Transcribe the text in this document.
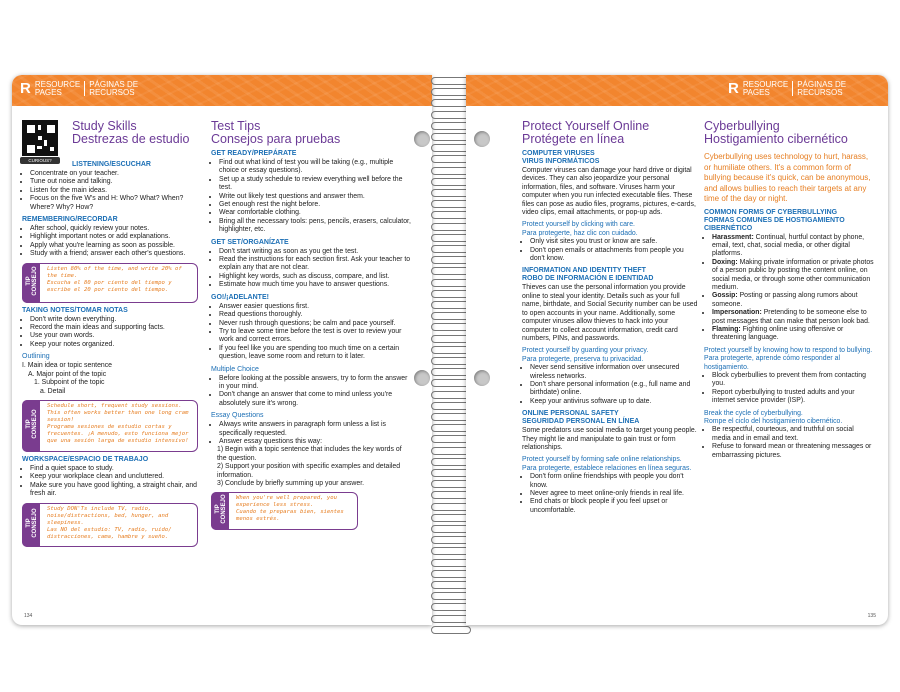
R RESOURCE
PAGES
PÁGINAS DE
RECURSOS
CURIOUS?
Study Skills
Destrezas de estudio
LISTENING/ESCUCHAR
• Concentrate on your teacher.
• Tune out noise and talking.
• Listen for the main ideas.
• Focus on the five W's and H: Who? What? When? Where? Why? How?
REMEMBERING/RECORDAR
• After school, quickly review your notes.
• Highlight important notes or add explanations.
• Apply what you're learning as soon as possible.
• Study with a friend; answer each other's questions.
TIP
CONSEJO Listen 80% of the time, and write 20% of the time.
Escucha el 80 por ciento del tiempo y escribe el 20 por ciento del tiempo.
TAKING NOTES/TOMAR NOTAS
• Don't write down everything.
• Record the main ideas and supporting facts.
• Use your own words.
• Keep your notes organized.
Outlining
I. Main idea or topic sentence
A. Major point of the topic
1. Subpoint of the topic
a. Detail
TIP
CONSEJO
Schedule short, frequent study sessions. This often works better than one long cram session!
Programa sesiones de estudio cortas y frecuentes. ¡A menudo, esto funciona mejor que una sesión larga de estudio intensivo!
WORKSPACE/ESPACIO DE TRABAJO
• Find a quiet space to study.
• Keep your workplace clean and uncluttered.
• Make sure you have good lighting, a straight chair, and fresh air.
TIP
CONSEJO Study DON'Ts include TV, radio, noise/distractions, bed, hunger, and sleepiness.
Las NO del estudio: TV, radio, ruido/ distracciones, cama, hambre y sueño.
Test Tips
Consejos para pruebas
GET READY/PREPÁRATE
• Find out what kind of test you will be taking (e.g., multiple choice or essay questions).
• Set up a study schedule to review everything well before the test.
• Write out likely test questions and answer them.
• Get enough rest the night before.
• Wear comfortable clothing.
• Bring all the necessary tools: pens, pencils, erasers, calculator, highlighter, etc.
GET SET/ORGANÍZATE
• Don't start writing as soon as you get the test.
• Read the instructions for each section first. Ask your teacher to explain any that are not clear.
• Highlight key words, such as discuss, compare, and list.
• Estimate how much time you have to answer questions.
GO!/¡ADELANTE!
• Answer easier questions first.
• Read questions thoroughly.
• Never rush through questions; be calm and pace yourself.
• Try to leave some time before the test is over to review your work and correct errors.
• If you feel like you are spending too much time on a certain question, leave some room and return to it later.
Multiple Choice
• Before looking at the possible answers, try to form the answer in your mind.
• Don't change an answer that come to mind unless you're absolutely sure it's wrong.
Essay Questions
• Always write answers in paragraph form unless a list is specifically requested.
• Answer essay questions this way:
1) Begin with a topic sentence that includes the key words of the question.
2) Support your position with specific examples and detailed information.
3) Conclude by briefly summing up your answer.
TIP
CONSEJO When you're well prepared, you experience less stress.
Cuando te preparas bien, sientes menos estrés.
134
R RESOURCE
PAGES
PÁGINAS DE
RECURSOS
Protect Yourself Online
Protégete en línea
COMPUTER VIRUSES
VIRUS INFORMÁTICOS

Computer viruses can damage your hard drive or digital devices. They can also jeopardize your personal information, files, and software. Viruses harm your computer when you run infected executable files. These files can pose as audio files, programs, pictures, e-cards, video clips, email attachments, or pop-up ads.

Protect yourself by clicking with care.
Para protegerte, haz clic con cuidado.
• Only visit sites you trust or know are safe.
• Don't open emails or attachments from people you don't know.
INFORMATION AND IDENTITY THEFT
ROBO DE INFORMACIÓN E IDENTIDAD

Thieves can use the personal information you provide online to steal your identity. Details such as your full name, birthdate, and Social Security number can be used to open accounts in your name. Additionally, some computer viruses allow thieves to hack into your computer to collect account information, credit card numbers, PINs, and passwords.

Protect yourself by guarding your privacy.
Para protegerte, preserva tu privacidad.
• Never send sensitive information over unsecured wireless networks.
• Don't share personal information (e.g., full name and birthdate) online.
• Keep your antivirus software up to date.
ONLINE PERSONAL SAFETY
SEGURIDAD PERSONAL EN LÍNEA

Some predators use social media to target young people. They might lie and manipulate to gain trust or form relationships.

Protect yourself by forming safe online relationships.
Para protegerte, establece relaciones en línea seguras.
• Don't form online friendships with people you don't know.
• Never agree to meet online-only friends in real life.
• End chats or block people if you feel upset or uncomfortable.
Cyberbullying
Hostigamiento cibernético

Cyberbullying uses technology to hurt, harass, or humiliate others. It's a common form of bullying because it's quick, can be anonymous, and allows bullies to reach their targets at any time of the day or night.

COMMON FORMS OF CYBERBULLYING
FORMAS COMUNES DE HOSTIGAMIENTO CIBERNÉTICO
• Harassment: Continual, hurtful contact by phone, email, text, chat, social media, or other digital platforms.
• Doxing: Making private information or private photos of a person public by posting the content online, on social media, or through some other communication medium.
• Gossip: Posting or passing along rumors about someone.
• Impersonation: Pretending to be someone else to post messages that can make that person look bad.
• Flaming: Fighting online using offensive or threatening language.
Protect yourself by knowing how to respond to bullying.
Para protegerte, aprende cómo responder al hostigamiento.
• Block cyberbullies to prevent them from contacting you.
• Report cyberbullying to trusted adults and your internet service provider (ISP).
Break the cycle of cyberbullying.
Rompe el ciclo del hostigamiento cibernético.
• Be respectful, courteous, and truthful on social media and in email and text.
• Refuse to forward mean or threatening messages or embarrassing pictures.
135
